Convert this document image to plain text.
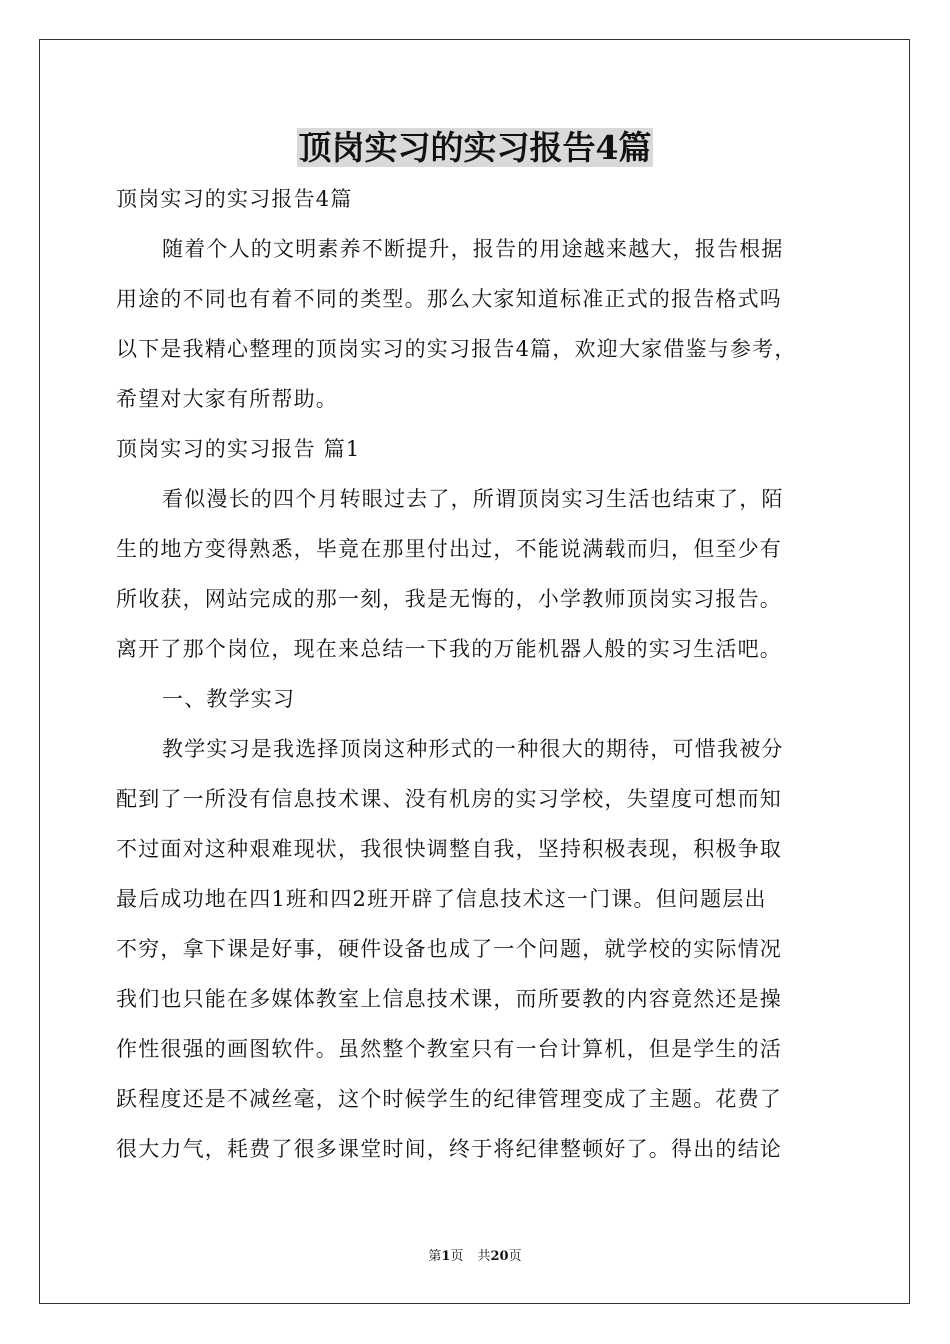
顶岗实习的实习报告4篇

顶岗实习的实习报告4篇

随着个人的文明素养不断提升，报告的用途越来越大，报告根据

用途的不同也有着不同的类型。那么大家知道标准正式的报告格式吗

以下是我精心整理的顶岗实习的实习报告4篇，欢迎大家借鉴与参考，

希望对大家有所帮助。

顶岗实习的实习报告 篇1

看似漫长的四个月转眼过去了，所谓顶岗实习生活也结束了，陌

生的地方变得熟悉，毕竟在那里付出过，不能说满载而归，但至少有

所收获，网站完成的那一刻，我是无悔的，小学教师顶岗实习报告。

离开了那个岗位，现在来总结一下我的万能机器人般的实习生活吧。

一、教学实习

教学实习是我选择顶岗这种形式的一种很大的期待，可惜我被分

配到了一所没有信息技术课、没有机房的实习学校，失望度可想而知

不过面对这种艰难现状，我很快调整自我，坚持积极表现，积极争取

最后成功地在四1班和四2班开辟了信息技术这一门课。但问题层出

不穷，拿下课是好事，硬件设备也成了一个问题，就学校的实际情况

我们也只能在多媒体教室上信息技术课，而所要教的内容竟然还是操

作性很强的画图软件。虽然整个教室只有一台计算机，但是学生的活

跃程度还是不减丝毫，这个时候学生的纪律管理变成了主题。花费了

很大力气，耗费了很多课堂时间，终于将纪律整顿好了。得出的结论

第1页 共20页
